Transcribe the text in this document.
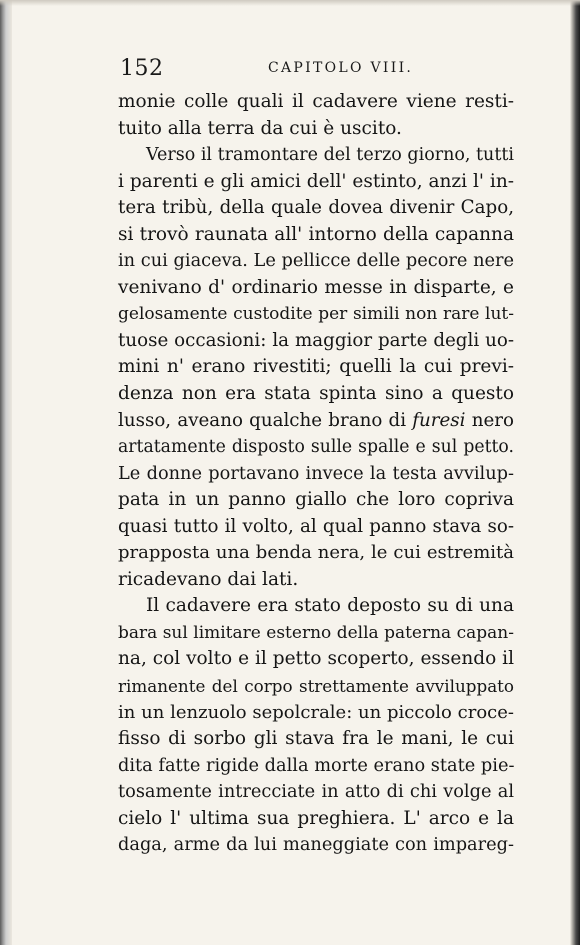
152	CAPITOLO VIII.
monie colle quali il cadavere viene resti-
tuito alla terra da cui è uscito.
Verso il tramontare del terzo giorno, tutti
i parenti e gli amici dell' estinto, anzi l' in-
tera tribù, della quale dovea divenir Capo,
si trovò raunata all' intorno della capanna
in cui giaceva. Le pellicce delle pecore nere
venivano d' ordinario messe in disparte, e
gelosamente custodite per simili non rare lut-
tuose occasioni: la maggior parte degli uo-
mini n' erano rivestiti; quelli la cui previ-
denza non era stata spinta sino a questo
lusso, aveano qualche brano di furesi nero
artatamente disposto sulle spalle e sul petto.
Le donne portavano invece la testa avvilup-
pata in un panno giallo che loro copriva
quasi tutto il volto, al qual panno stava so-
prapposta una benda nera, le cui estremità
ricadevano dai lati.
Il cadavere era stato deposto su di una
bara sul limitare esterno della paterna capan-
na, col volto e il petto scoperto, essendo il
rimanente del corpo strettamente avviluppato
in un lenzuolo sepolcrale: un piccolo croce-
fisso di sorbo gli stava fra le mani, le cui
dita fatte rigide dalla morte erano state pie-
tosamente intrecciate in atto di chi volge al
cielo l' ultima sua preghiera. L' arco e la
daga, arme da lui maneggiate con impareg-
